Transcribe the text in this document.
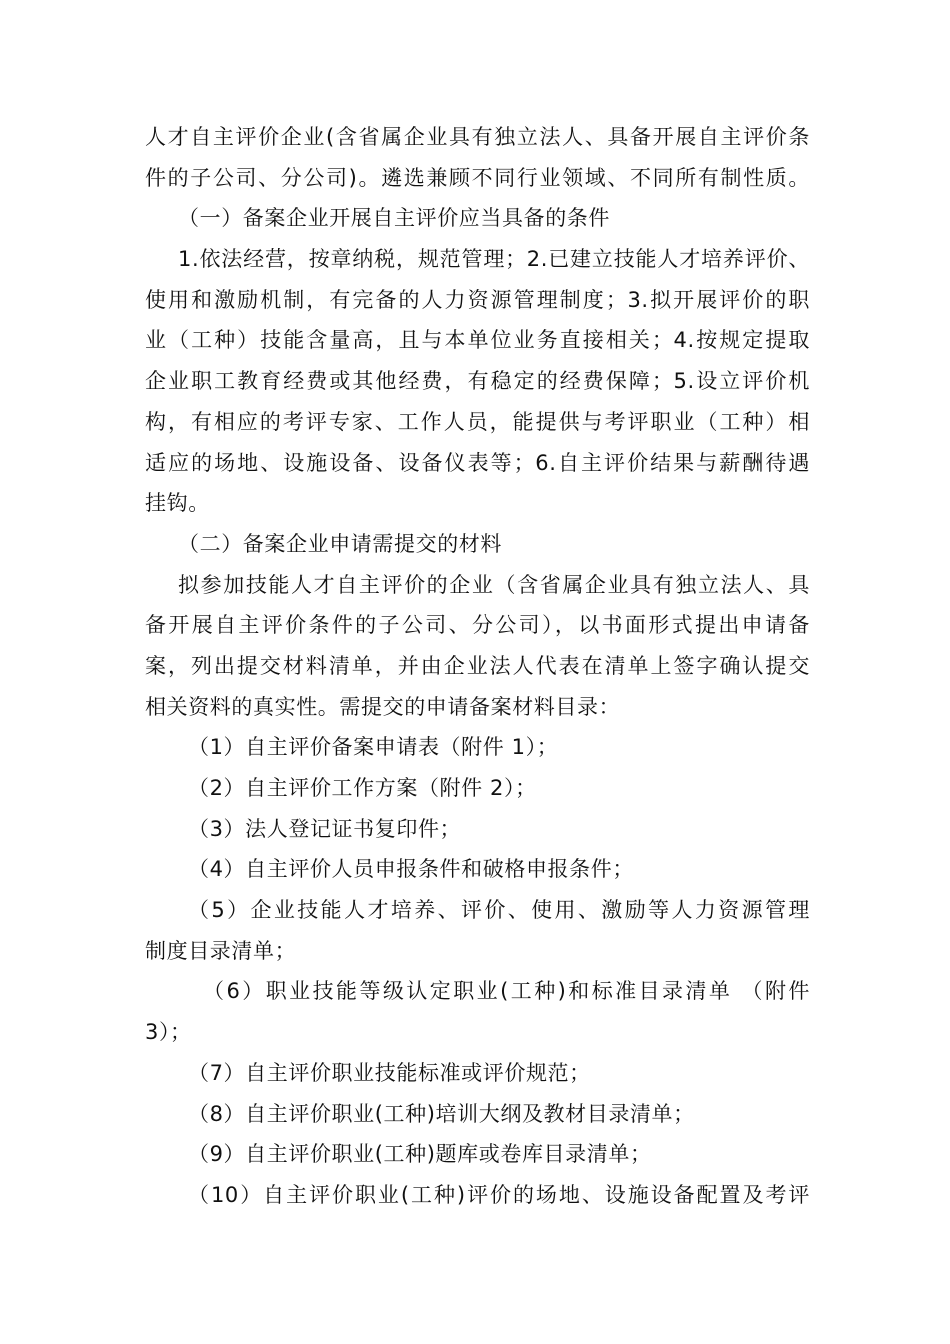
人才自主评价企业(含省属企业具有独立法人、具备开展自主评价条
件的子公司、分公司)。遴选兼顾不同行业领域、不同所有制性质。
（一）备案企业开展自主评价应当具备的条件
1.依法经营，按章纳税，规范管理；2.已建立技能人才培养评价、
使用和激励机制，有完备的人力资源管理制度；3.拟开展评价的职
业（工种）技能含量高，且与本单位业务直接相关；4.按规定提取
企业职工教育经费或其他经费，有稳定的经费保障；5.设立评价机
构，有相应的考评专家、工作人员，能提供与考评职业（工种）相
适应的场地、设施设备、设备仪表等；6.自主评价结果与薪酬待遇
挂钩。
（二）备案企业申请需提交的材料
拟参加技能人才自主评价的企业（含省属企业具有独立法人、具
备开展自主评价条件的子公司、分公司），以书面形式提出申请备
案，列出提交材料清单，并由企业法人代表在清单上签字确认提交
相关资料的真实性。需提交的申请备案材料目录：
（1）自主评价备案申请表（附件 1）；
（2）自主评价工作方案（附件 2）；
（3）法人登记证书复印件；
（4）自主评价人员申报条件和破格申报条件；
（5）企业技能人才培养、评价、使用、激励等人力资源管理
制度目录清单；
（6）职业技能等级认定职业(工种)和标准目录清单 （附件
3）；
（7）自主评价职业技能标准或评价规范；
（8）自主评价职业(工种)培训大纲及教材目录清单；
（9）自主评价职业(工种)题库或卷库目录清单；
（10）自主评价职业(工种)评价的场地、设施设备配置及考评
